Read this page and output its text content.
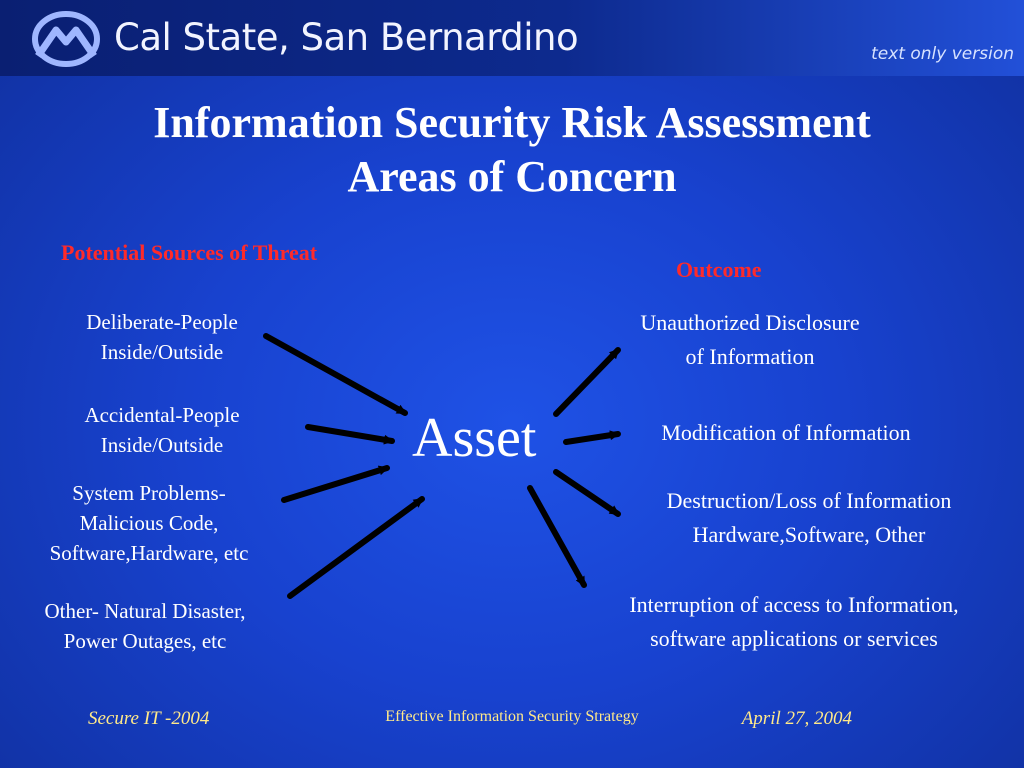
Cal State, San Bernardino	text only version
Information Security Risk Assessment
Areas of Concern
Potential Sources of Threat
Outcome
Deliberate-People
Inside/Outside
Accidental-People
Inside/Outside
System Problems-
Malicious Code,
Software,Hardware, etc
Other- Natural Disaster,
Power Outages, etc
Asset
Unauthorized Disclosure
of Information
Modification of Information
Destruction/Loss of Information
Hardware,Software, Other
Interruption of access to Information,
software applications or services
Secure IT -2004	Effective Information Security Strategy	April 27, 2004
